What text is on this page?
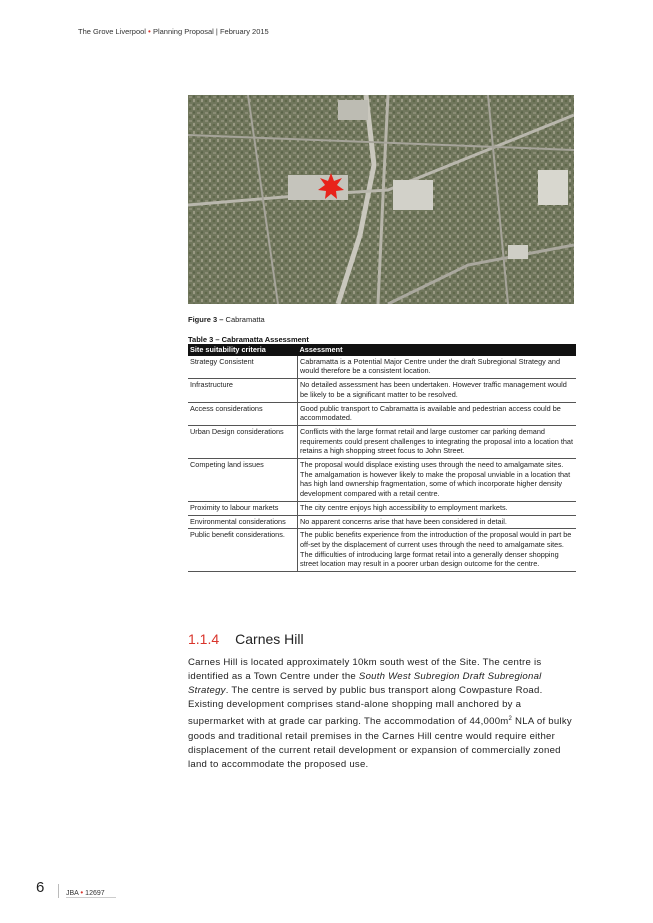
The Grove Liverpool • Planning Proposal | February 2015
Figure 3 – Cabramatta
Table 3 – Cabramatta Assessment
Site suitability criteria	Assessment
Strategy Consistent	Cabramatta is a Potential Major Centre under the draft Subregional Strategy and would therefore be a consistent location.
Infrastructure	No detailed assessment has been undertaken. However traffic management would be likely to be a significant matter to be resolved.
Access considerations	Good public transport to Cabramatta is available and pedestrian access could be accommodated.
Urban Design considerations	Conflicts with the large format retail and large customer car parking demand requirements could present challenges to integrating the proposal into a location that retains a high shopping street focus to John Street.
Competing land issues	The proposal would displace existing uses through the need to amalgamate sites. The amalgamation is however likely to make the proposal unviable in a location that has high land ownership fragmentation, some of which incorporate higher density development compared with a retail centre.
Proximity to labour markets	The city centre enjoys high accessibility to employment markets.
Environmental considerations	No apparent concerns arise that have been considered in detail.
Public benefit considerations.	The public benefits experience from the introduction of the proposal would in part be off-set by the displacement of current uses through the need to amalgamate sites. The difficulties of introducing large format retail into a generally denser shopping street location may result in a poorer urban design outcome for the centre.
1.1.4 Carnes Hill
Carnes Hill is located approximately 10km south west of the Site. The centre is identified as a Town Centre under the South West Subregion Draft Subregional Strategy. The centre is served by public bus transport along Cowpasture Road. Existing development comprises stand-alone shopping mall anchored by a supermarket with at grade car parking. The accommodation of $44,000m^2$ NLA of bulky goods and traditional retail premises in the Carnes Hill centre would require either displacement of the current retail development or expansion of commercially zoned land to accommodate the proposed use.
6	JBA • 12697
